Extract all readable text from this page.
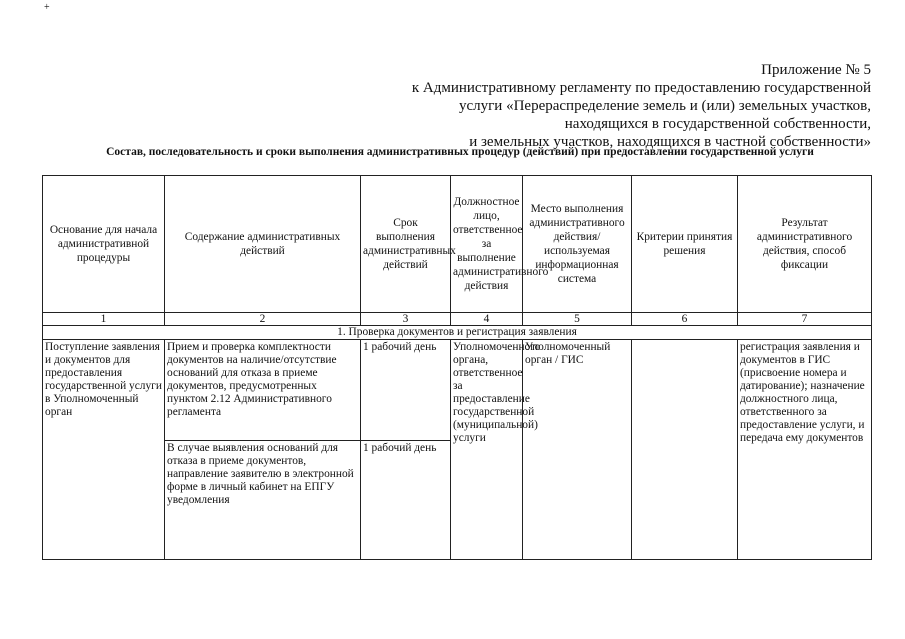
+
Приложение № 5
к Административному регламенту по предоставлению государственной
услуги «Перераспределение земель и (или) земельных участков,
находящихся в государственной собственности,
и земельных участков, находящихся в частной собственности»
Состав, последовательность и сроки выполнения административных процедур (действий) при предоставлении государственной услуги
Основание для начала административной процедуры	Содержание административных действий	Срок выполнения административных действий	Должностное лицо, ответственное за выполнение административного действия	Место выполнения административного действия/ используемая информационная система	Критерии принятия решения	Результат административного действия, способ фиксации
1	2	3	4	5	6	7
1. Проверка документов и регистрация заявления						
Поступление заявления и документов для предоставления государственной услуги в Уполномоченный орган	Прием и проверка комплектности документов на наличие/отсутствие оснований для отказа в приеме документов, предусмотренных пунктом 2.12 Административного регламента	1 рабочий день	Уполномоченного органа, ответственное за предоставление государственной (муниципальной) услуги	Уполномоченный орган / ГИС		регистрация заявления и документов в ГИС (присвоение номера и датирование); назначение должностного лица, ответственного за предоставление услуги, и передача ему документов
	В случае выявления оснований для отказа в приеме документов, направление заявителю в электронной форме в личный кабинет на ЕПГУ уведомления	1 рабочий день				
